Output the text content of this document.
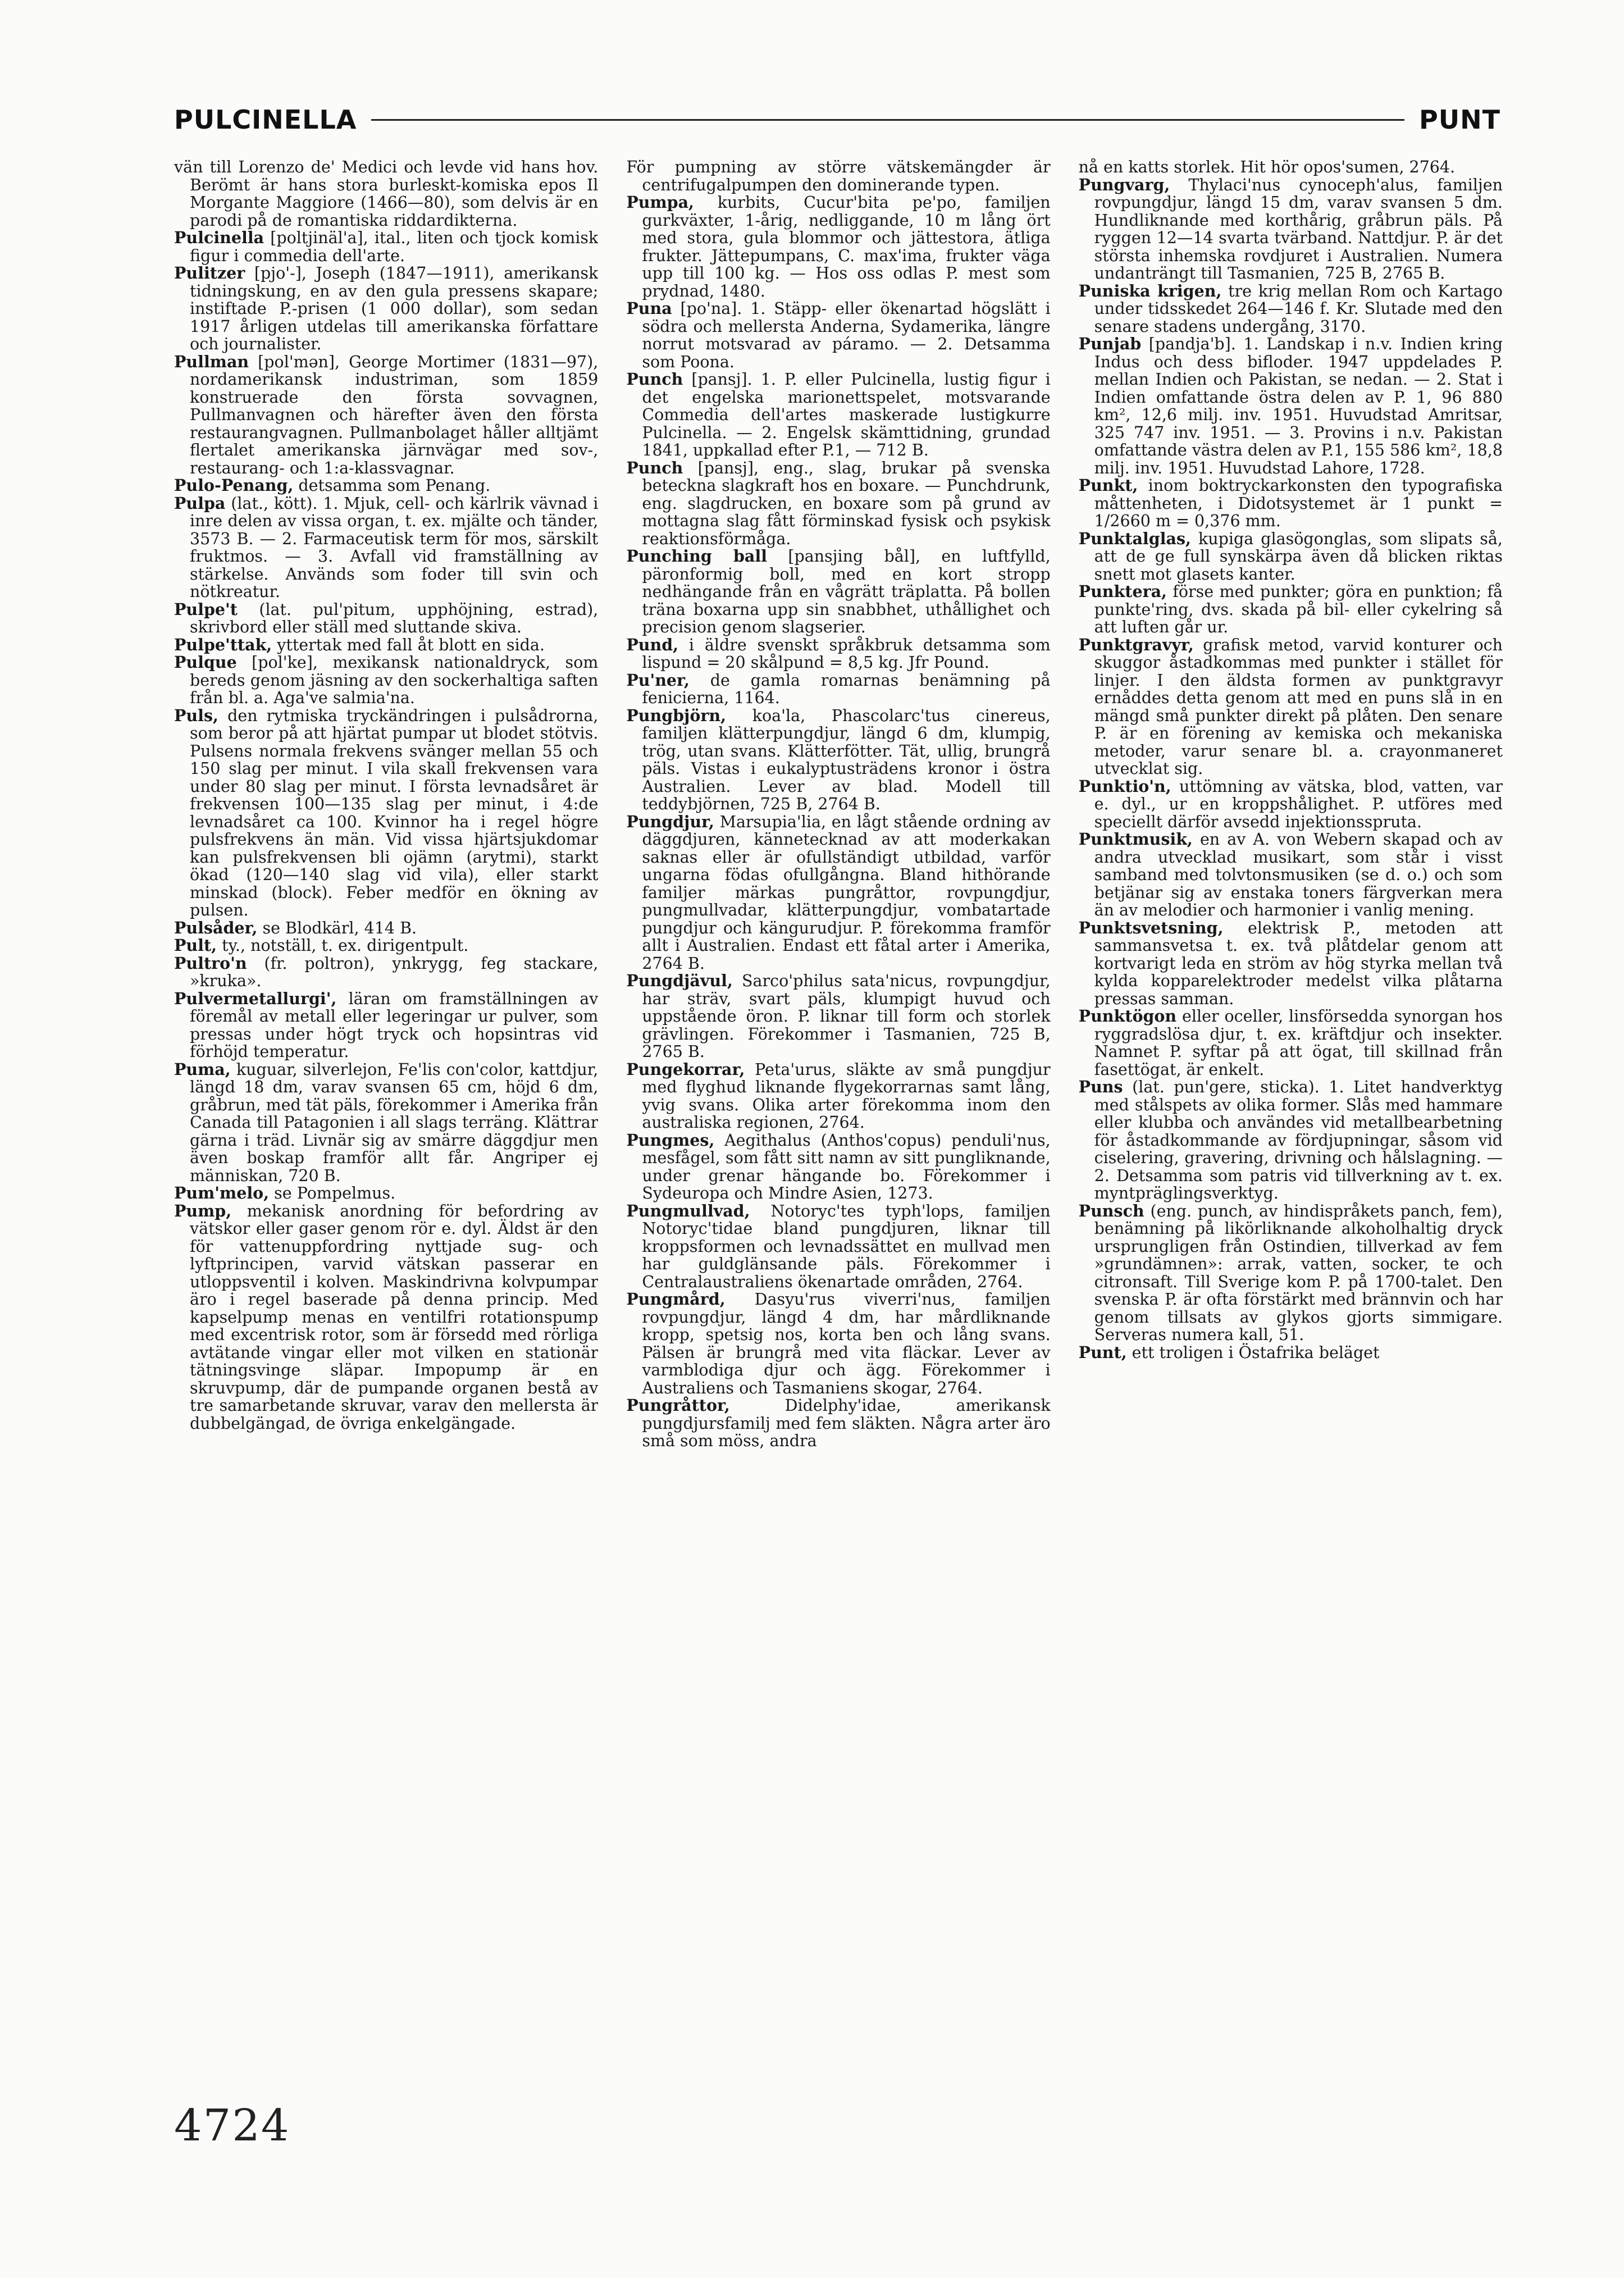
PULCINELLA	PUNT

vän till Lorenzo de' Medici och levde vid hans hov. Berömt är hans stora burleskt-komiska epos Il Morgante Maggiore (1466—80), som delvis är en parodi på de romantiska riddardikterna.

Pulcinella [poltjinäl'a], ital., liten och tjock komisk figur i commedia dell'arte.

Pulitzer [pjo'-], Joseph (1847—1911), amerikansk tidningskung, en av den gula pressens skapare; instiftade P.-prisen (1 000 dollar), som sedan 1917 årligen utdelas till amerikanska författare och journalister.

Pullman [pol'mən], George Mortimer (1831—97), nordamerikansk industriman, som 1859 konstruerade den första sovvagnen, Pullmanvagnen och härefter även den första restaurangvagnen. Pullmanbolaget håller alltjämt flertalet amerikanska järnvägar med sov-, restaurang- och 1:a-klassvagnar.

Pulo-Penang, detsamma som Penang.

Pulpa (lat., kött). 1. Mjuk, cell- och kärlrik vävnad i inre delen av vissa organ, t. ex. mjälte och tänder, 3573 B. — 2. Farmaceutisk term för mos, särskilt fruktmos. — 3. Avfall vid framställning av stärkelse. Används som foder till svin och nötkreatur.

Pulpe't (lat. pul'pitum, upphöjning, estrad), skrivbord eller ställ med sluttande skiva.

Pulpe'ttak, yttertak med fall åt blott en sida.

Pulque [pol'ke], mexikansk nationaldryck, som bereds genom jäsning av den sockerhaltiga saften från bl. a. Aga've salmia'na.

Puls, den rytmiska tryckändringen i pulsådrorna, som beror på att hjärtat pumpar ut blodet stötvis. Pulsens normala frekvens svänger mellan 55 och 150 slag per minut. I vila skall frekvensen vara under 80 slag per minut. I första levnadsåret är frekvensen 100—135 slag per minut, i 4:de levnadsåret ca 100. Kvinnor ha i regel högre pulsfrekvens än män. Vid vissa hjärtsjukdomar kan pulsfrekvensen bli ojämn (arytmi), starkt ökad (120—140 slag vid vila), eller starkt minskad (block). Feber medför en ökning av pulsen.

Pulsåder, se Blodkärl, 414 B.

Pult, ty., notställ, t. ex. dirigentpult.

Pultro'n (fr. poltron), ynkrygg, feg stackare, »kruka».

Pulvermetallurgi', läran om framställningen av föremål av metall eller legeringar ur pulver, som pressas under högt tryck och hopsintras vid förhöjd temperatur.

Puma, kuguar, silverlejon, Fe'lis con'color, kattdjur, längd 18 dm, varav svansen 65 cm, höjd 6 dm, gråbrun, med tät päls, förekommer i Amerika från Canada till Patagonien i all slags terräng. Klättrar gärna i träd. Livnär sig av smärre däggdjur men även boskap framför allt får. Angriper ej människan, 720 B.

Pum'melo, se Pompelmus.

Pump, mekanisk anordning för befordring av vätskor eller gaser genom rör e. dyl. Äldst är den för vattenuppfordring nyttjade sug- och lyftprincipen, varvid vätskan passerar en utloppsventil i kolven. Maskindrivna kolvpumpar äro i regel baserade på denna princip. Med kapselpump menas en ventilfri rotationspump med excentrisk rotor, som är försedd med rörliga avtätande vingar eller mot vilken en stationär tätningsvinge släpar. Impopump är en skruvpump, där de pumpande organen bestå av tre samarbetande skruvar, varav den mellersta är dubbelgängad, de övriga enkelgängade.

För pumpning av större vätskemängder är centrifugalpumpen den dominerande typen.

Pumpa, kurbits, Cucur'bita pe'po, familjen gurkväxter, 1-årig, nedliggande, 10 m lång ört med stora, gula blommor och jättestora, ätliga frukter. Jättepumpans, C. max'ima, frukter väga upp till 100 kg. — Hos oss odlas P. mest som prydnad, 1480.

Puna [po'na]. 1. Stäpp- eller ökenartad högslätt i södra och mellersta Anderna, Sydamerika, längre norrut motsvarad av páramo. — 2. Detsamma som Poona.

Punch [pansj]. 1. P. eller Pulcinella, lustig figur i det engelska marionettspelet, motsvarande Commedia dell'artes maskerade lustigkurre Pulcinella. — 2. Engelsk skämttidning, grundad 1841, uppkallad efter P.1, — 712 B.

Punch [pansj], eng., slag, brukar på svenska beteckna slagkraft hos en boxare. — Punchdrunk, eng. slagdrucken, en boxare som på grund av mottagna slag fått förminskad fysisk och psykisk reaktionsförmåga.

Punching ball [pansjing bål], en luftfylld, päronformig boll, med en kort stropp nedhängande från en vågrätt träplatta. På bollen träna boxarna upp sin snabbhet, uthållighet och precision genom slagserier.

Pund, i äldre svenskt språkbruk detsamma som lispund = 20 skålpund = 8,5 kg. Jfr Pound.

Pu'ner, de gamla romarnas benämning på fenicierna, 1164.

Pungbjörn, koa'la, Phascolarc'tus cinereus, familjen klätterpungdjur, längd 6 dm, klumpig, trög, utan svans. Klätterfötter. Tät, ullig, brungrå päls. Vistas i eukalyptusträdens kronor i östra Australien. Lever av blad. Modell till teddybjörnen, 725 B, 2764 B.

Pungdjur, Marsupia'lia, en lågt stående ordning av däggdjuren, kännetecknad av att moderkakan saknas eller är ofullständigt utbildad, varför ungarna födas ofullgångna. Bland hithörande familjer märkas pungråttor, rovpungdjur, pungmullvadar, klätterpungdjur, vombatartade pungdjur och kängurudjur. P. förekomma framför allt i Australien. Endast ett fåtal arter i Amerika, 2764 B.

Pungdjävul, Sarco'philus sata'nicus, rovpungdjur, har sträv, svart päls, klumpigt huvud och uppstående öron. P. liknar till form och storlek grävlingen. Förekommer i Tasmanien, 725 B, 2765 B.

Pungekorrar, Peta'urus, släkte av små pungdjur med flyghud liknande flygekorrarnas samt lång, yvig svans. Olika arter förekomma inom den australiska regionen, 2764.

Pungmes, Aegithalus (Anthos'copus) penduli'nus, mesfågel, som fått sitt namn av sitt pungliknande, under grenar hängande bo. Förekommer i Sydeuropa och Mindre Asien, 1273.

Pungmullvad, Notoryc'tes typh'lops, familjen Notoryc'tidae bland pungdjuren, liknar till kroppsformen och levnadssättet en mullvad men har guldglänsande päls. Förekommer i Centralaustraliens ökenartade områden, 2764.

Pungmård, Dasyu'rus viverri'nus, familjen rovpungdjur, längd 4 dm, har mårdliknande kropp, spetsig nos, korta ben och lång svans. Pälsen är brungrå med vita fläckar. Lever av varmblodiga djur och ägg. Förekommer i Australiens och Tasmaniens skogar, 2764.

Pungråttor, Didelphy'idae, amerikansk pungdjursfamilj med fem släkten. Några arter äro små som möss, andra

nå en katts storlek. Hit hör opos'sumen, 2764.

Pungvarg, Thylaci'nus cynoceph'alus, familjen rovpungdjur, längd 15 dm, varav svansen 5 dm. Hundliknande med korthårig, gråbrun päls. På ryggen 12—14 svarta tvärband. Nattdjur. P. är det största inhemska rovdjuret i Australien. Numera undanträngt till Tasmanien, 725 B, 2765 B.

Puniska krigen, tre krig mellan Rom och Kartago under tidsskedet 264—146 f. Kr. Slutade med den senare stadens undergång, 3170.

Punjab [pandja'b]. 1. Landskap i n.v. Indien kring Indus och dess bifloder. 1947 uppdelades P. mellan Indien och Pakistan, se nedan. — 2. Stat i Indien omfattande östra delen av P. 1, 96 880 km², 12,6 milj. inv. 1951. Huvudstad Amritsar, 325 747 inv. 1951. — 3. Provins i n.v. Pakistan omfattande västra delen av P.1, 155 586 km², 18,8 milj. inv. 1951. Huvudstad Lahore, 1728.

Punkt, inom boktryckarkonsten den typografiska måttenheten, i Didotsystemet är 1 punkt = 1/2660 m = 0,376 mm.

Punktalglas, kupiga glasögonglas, som slipats så, att de ge full synskärpa även då blicken riktas snett mot glasets kanter.

Punktera, förse med punkter; göra en punktion; få punkte'ring, dvs. skada på bil- eller cykelring så att luften går ur.

Punktgravyr, grafisk metod, varvid konturer och skuggor åstadkommas med punkter i stället för linjer. I den äldsta formen av punktgravyr ernåddes detta genom att med en puns slå in en mängd små punkter direkt på plåten. Den senare P. är en förening av kemiska och mekaniska metoder, varur senare bl. a. crayonmaneret utvecklat sig.

Punktio'n, uttömning av vätska, blod, vatten, var e. dyl., ur en kroppshålighet. P. utföres med speciellt därför avsedd injektionsspruta.

Punktmusik, en av A. von Webern skapad och av andra utvecklad musikart, som står i visst samband med tolvtonsmusiken (se d. o.) och som betjänar sig av enstaka toners färgverkan mera än av melodier och harmonier i vanlig mening.

Punktsvetsning, elektrisk P., metoden att sammansvetsa t. ex. två plåtdelar genom att kortvarigt leda en ström av hög styrka mellan två kylda kopparelektroder medelst vilka plåtarna pressas samman.

Punktögon eller oceller, linsförsedda synorgan hos ryggradslösa djur, t. ex. kräftdjur och insekter. Namnet P. syftar på att ögat, till skillnad från fasettögat, är enkelt.

Puns (lat. pun'gere, sticka). 1. Litet handverktyg med stålspets av olika former. Slås med hammare eller klubba och användes vid metallbearbetning för åstadkommande av fördjupningar, såsom vid ciselering, gravering, drivning och hålslagning. — 2. Detsamma som patris vid tillverkning av t. ex. myntpräglingsverktyg.

Punsch (eng. punch, av hindispråkets panch, fem), benämning på likörliknande alkoholhaltig dryck ursprungligen från Ostindien, tillverkad av fem »grundämnen»: arrak, vatten, socker, te och citronsaft. Till Sverige kom P. på 1700-talet. Den svenska P. är ofta förstärkt med brännvin och har genom tillsats av glykos gjorts simmigare. Serveras numera kall, 51.

Punt, ett troligen i Östafrika beläget

4724
